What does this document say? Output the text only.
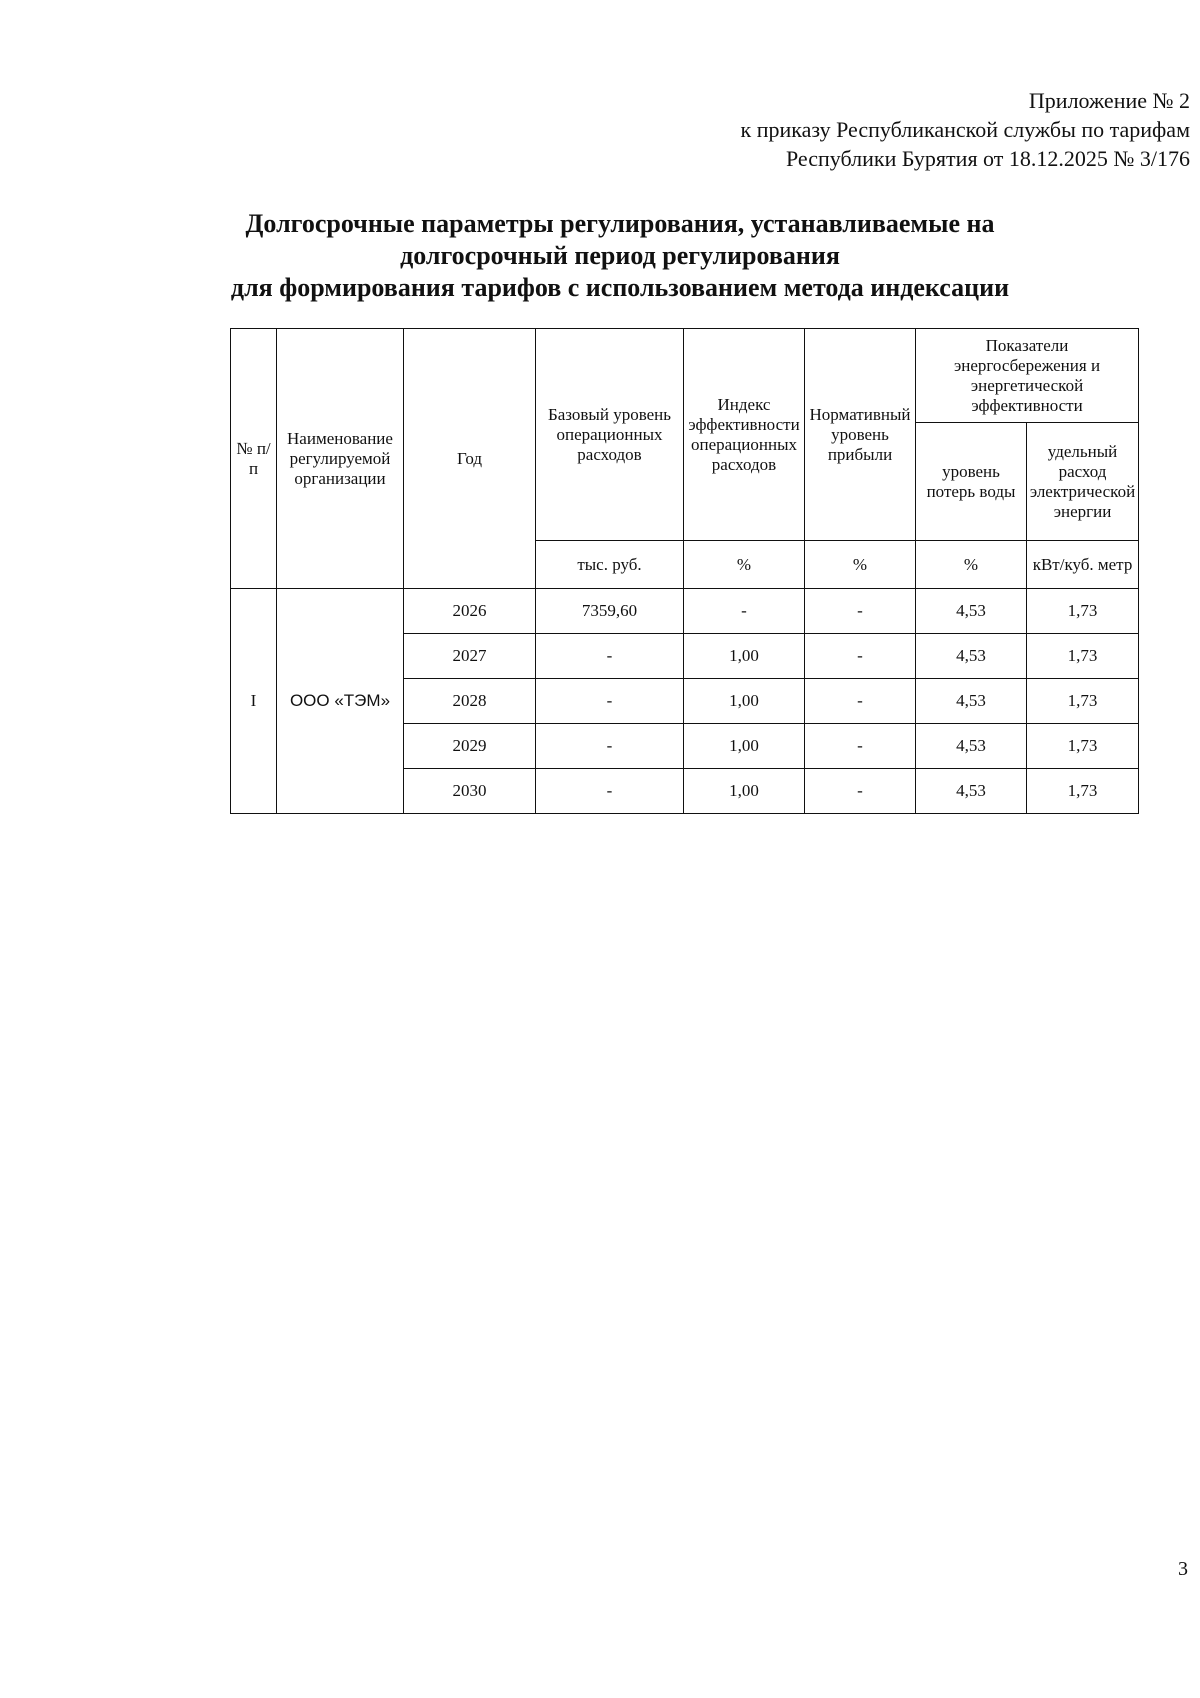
Приложение № 2
к приказу Республиканской службы по тарифам
Республики Бурятия от 18.12.2025 № 3/176
Долгосрочные параметры регулирования, устанавливаемые на
долгосрочный период регулирования
для формирования тарифов с использованием метода индексации
№ п/п	Наименование регулируемой организации	Год	Базовый уровень операционных расходов	Индекс эффективности операционных расходов	Нормативный уровень прибыли	Показатели энергосбережения и энергетической эффективности	
						уровень потерь воды	удельный расход электрической энергии
			тыс. руб.	%	%	%	кВт/куб. метр
I	ООО «ТЭМ»	2026	7359,60	-	-	4,53	1,73
		2027	-	1,00	-	4,53	1,73
		2028	-	1,00	-	4,53	1,73
		2029	-	1,00	-	4,53	1,73
		2030	-	1,00	-	4,53	1,73
3
